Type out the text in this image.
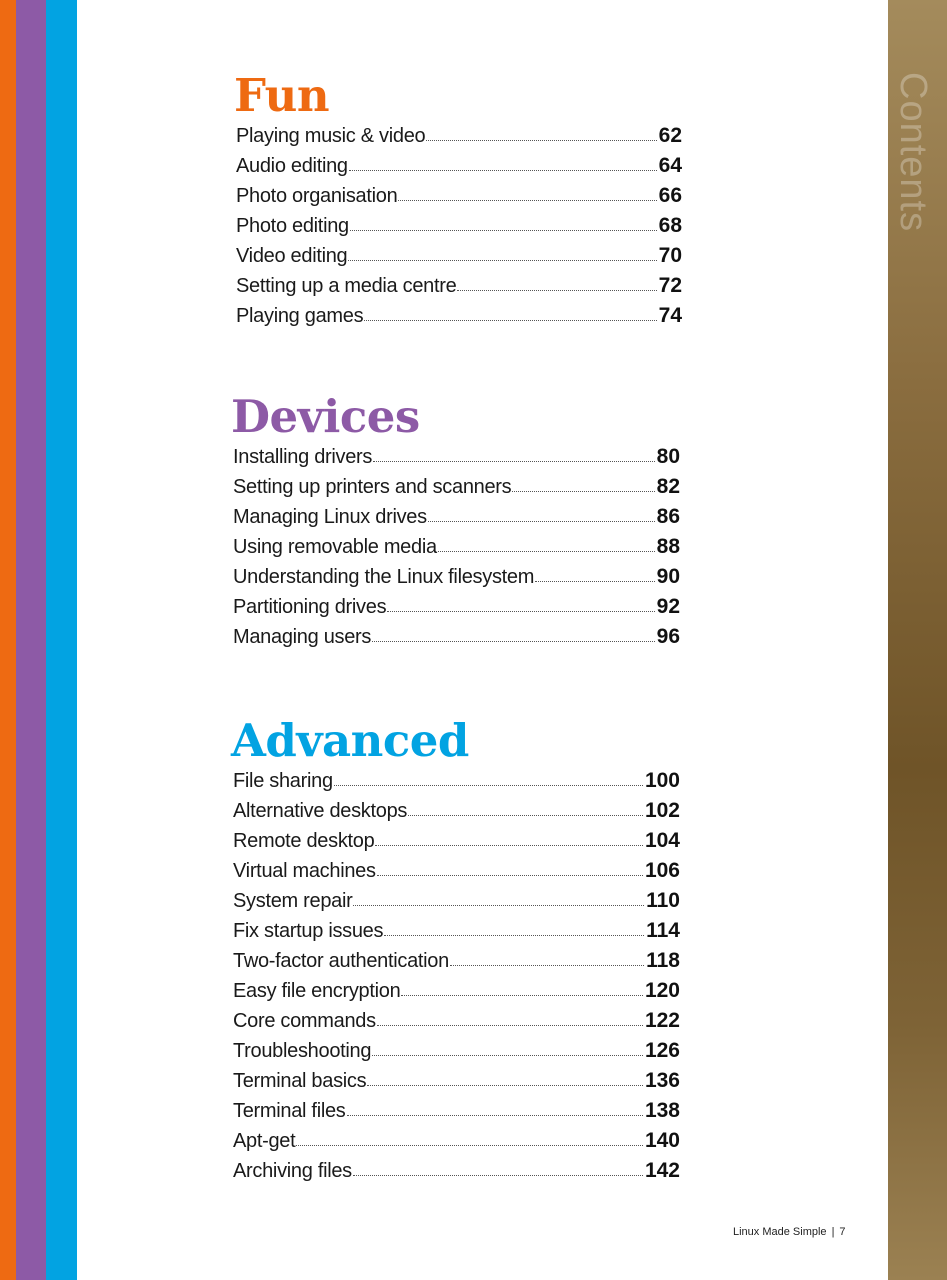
Contents
Fun
Playing music & video	62
Audio editing	64
Photo organisation	66
Photo editing	68
Video editing	70
Setting up a media centre	72
Playing games	74
Devices
Installing drivers	80
Setting up printers and scanners	82
Managing Linux drives	86
Using removable media	88
Understanding the Linux filesystem	90
Partitioning drives	92
Managing users	96
Advanced
File sharing	100
Alternative desktops	102
Remote desktop	104
Virtual machines	106
System repair	110
Fix startup issues	114
Two-factor authentication	118
Easy file encryption	120
Core commands	122
Troubleshooting	126
Terminal basics	136
Terminal files	138
Apt-get	140
Archiving files	142
Linux Made Simple | 7
